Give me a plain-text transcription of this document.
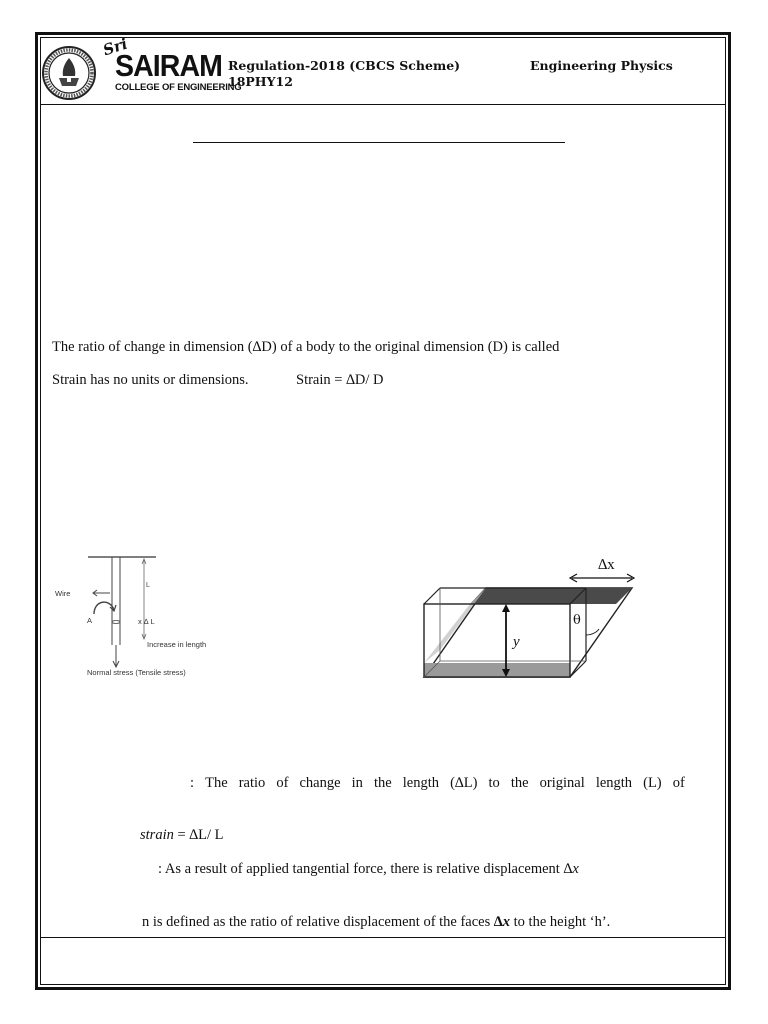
Sri
SAIRAM
COLLEGE OF ENGINEERING
Regulation-2018 (CBCS Scheme)
18PHY12
Engineering Physics
The ratio of change in dimension (∆D) of a body to the original dimension (D) is called
Strain has no units or dimensions.	Strain = ∆D/ D
L
Wire
A	x ∆ L
Increase in length
Normal stress (Tensile stress)
∆x
y
θ
: The ratio of change in the length (∆L) to the original length (L) of
strain = ∆L/ L
: As a result of applied tangential force, there is relative displacement ∆x
n is defined as the ratio of relative displacement of the faces ∆x to the height ‘h’.
